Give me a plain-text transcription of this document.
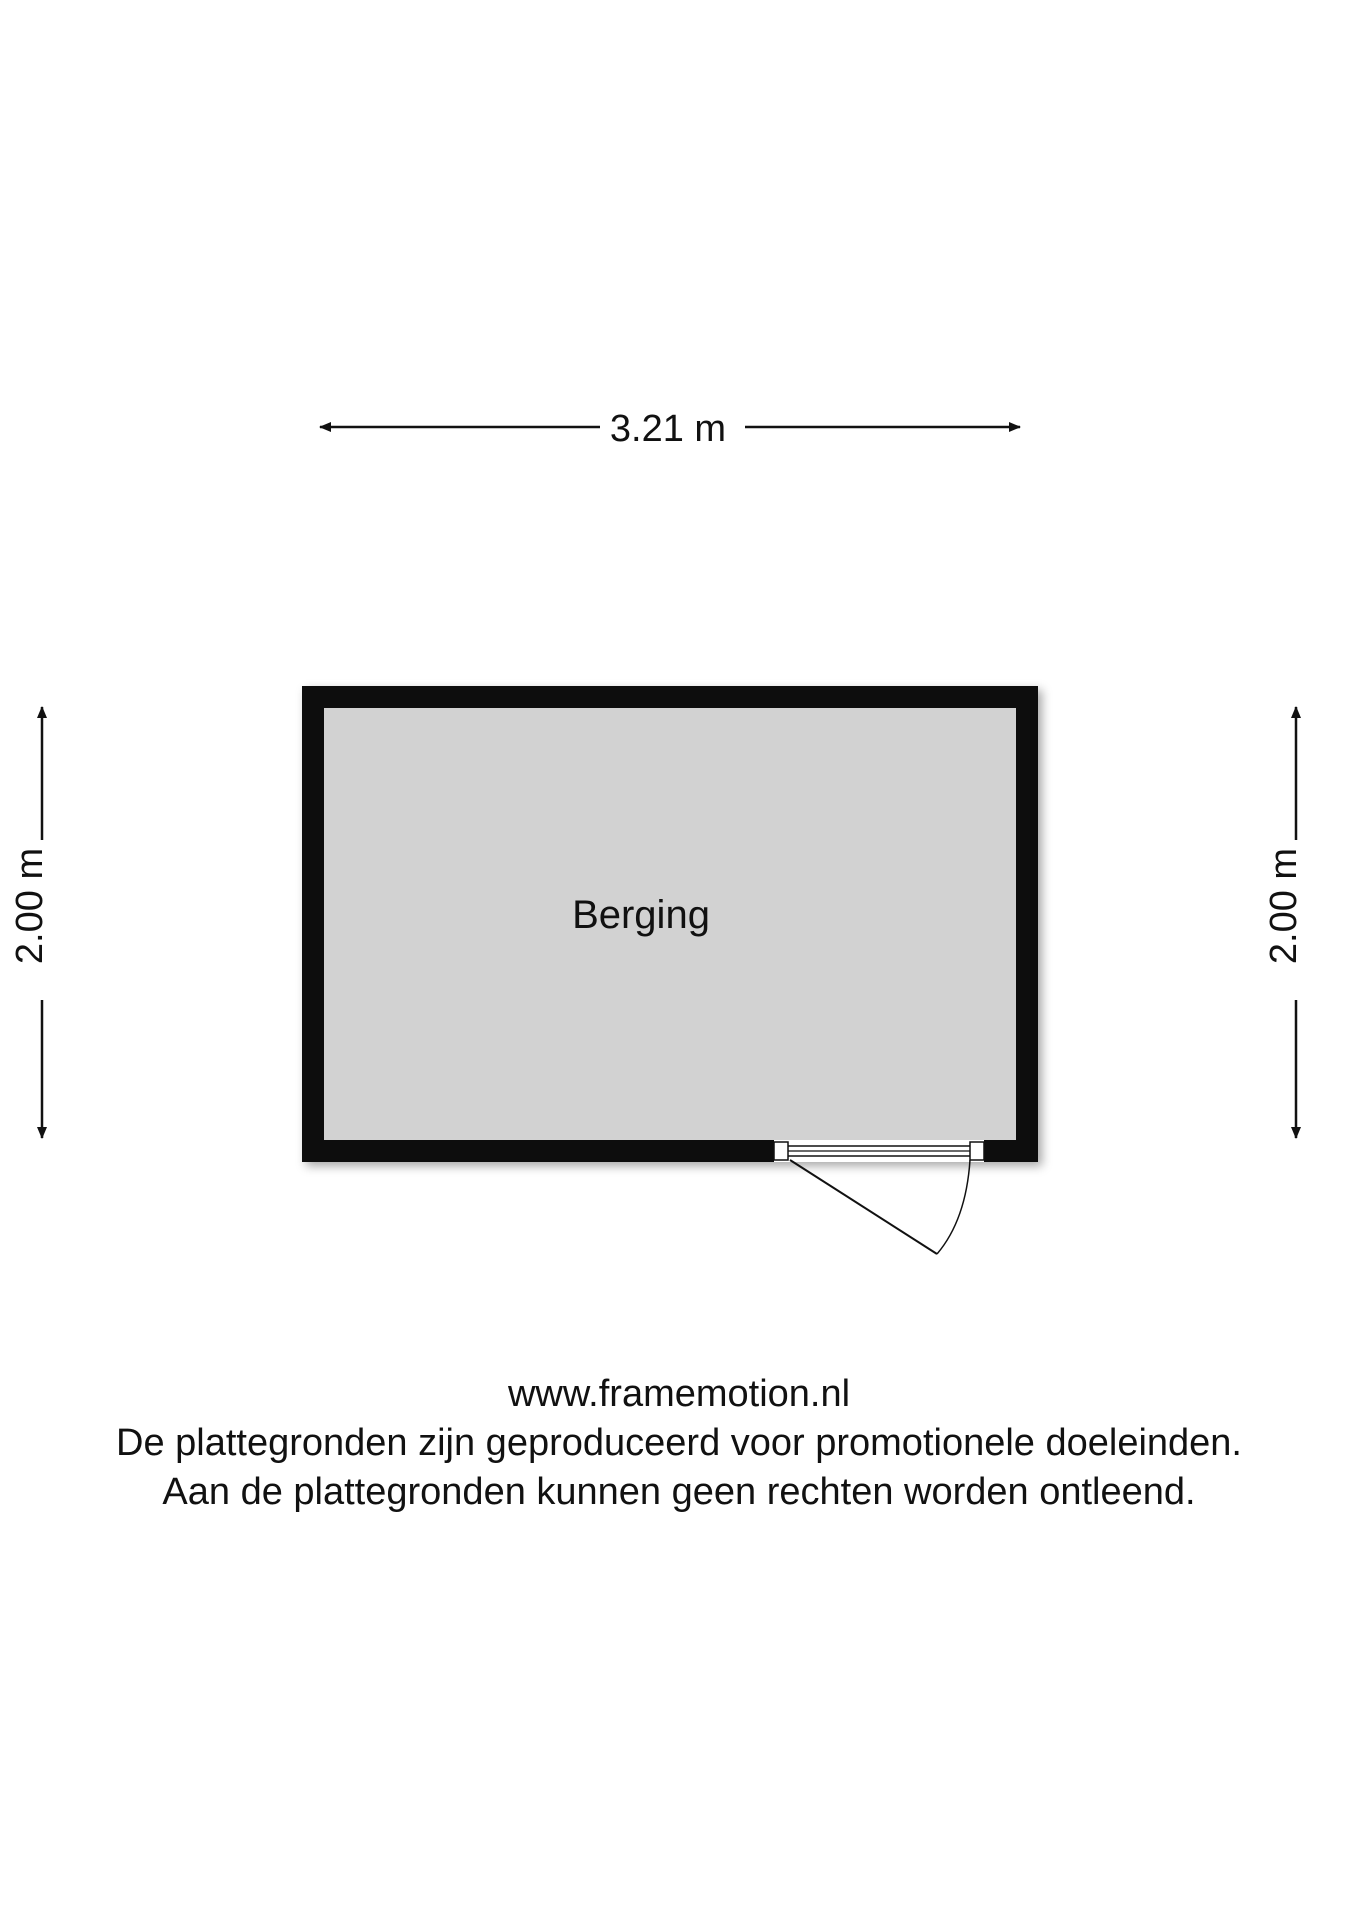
3.21 m
2.00 m	2.00 m
Berging
www.framemotion.nl
De plattegronden zijn geproduceerd voor promotionele doeleinden.
Aan de plattegronden kunnen geen rechten worden ontleend.
